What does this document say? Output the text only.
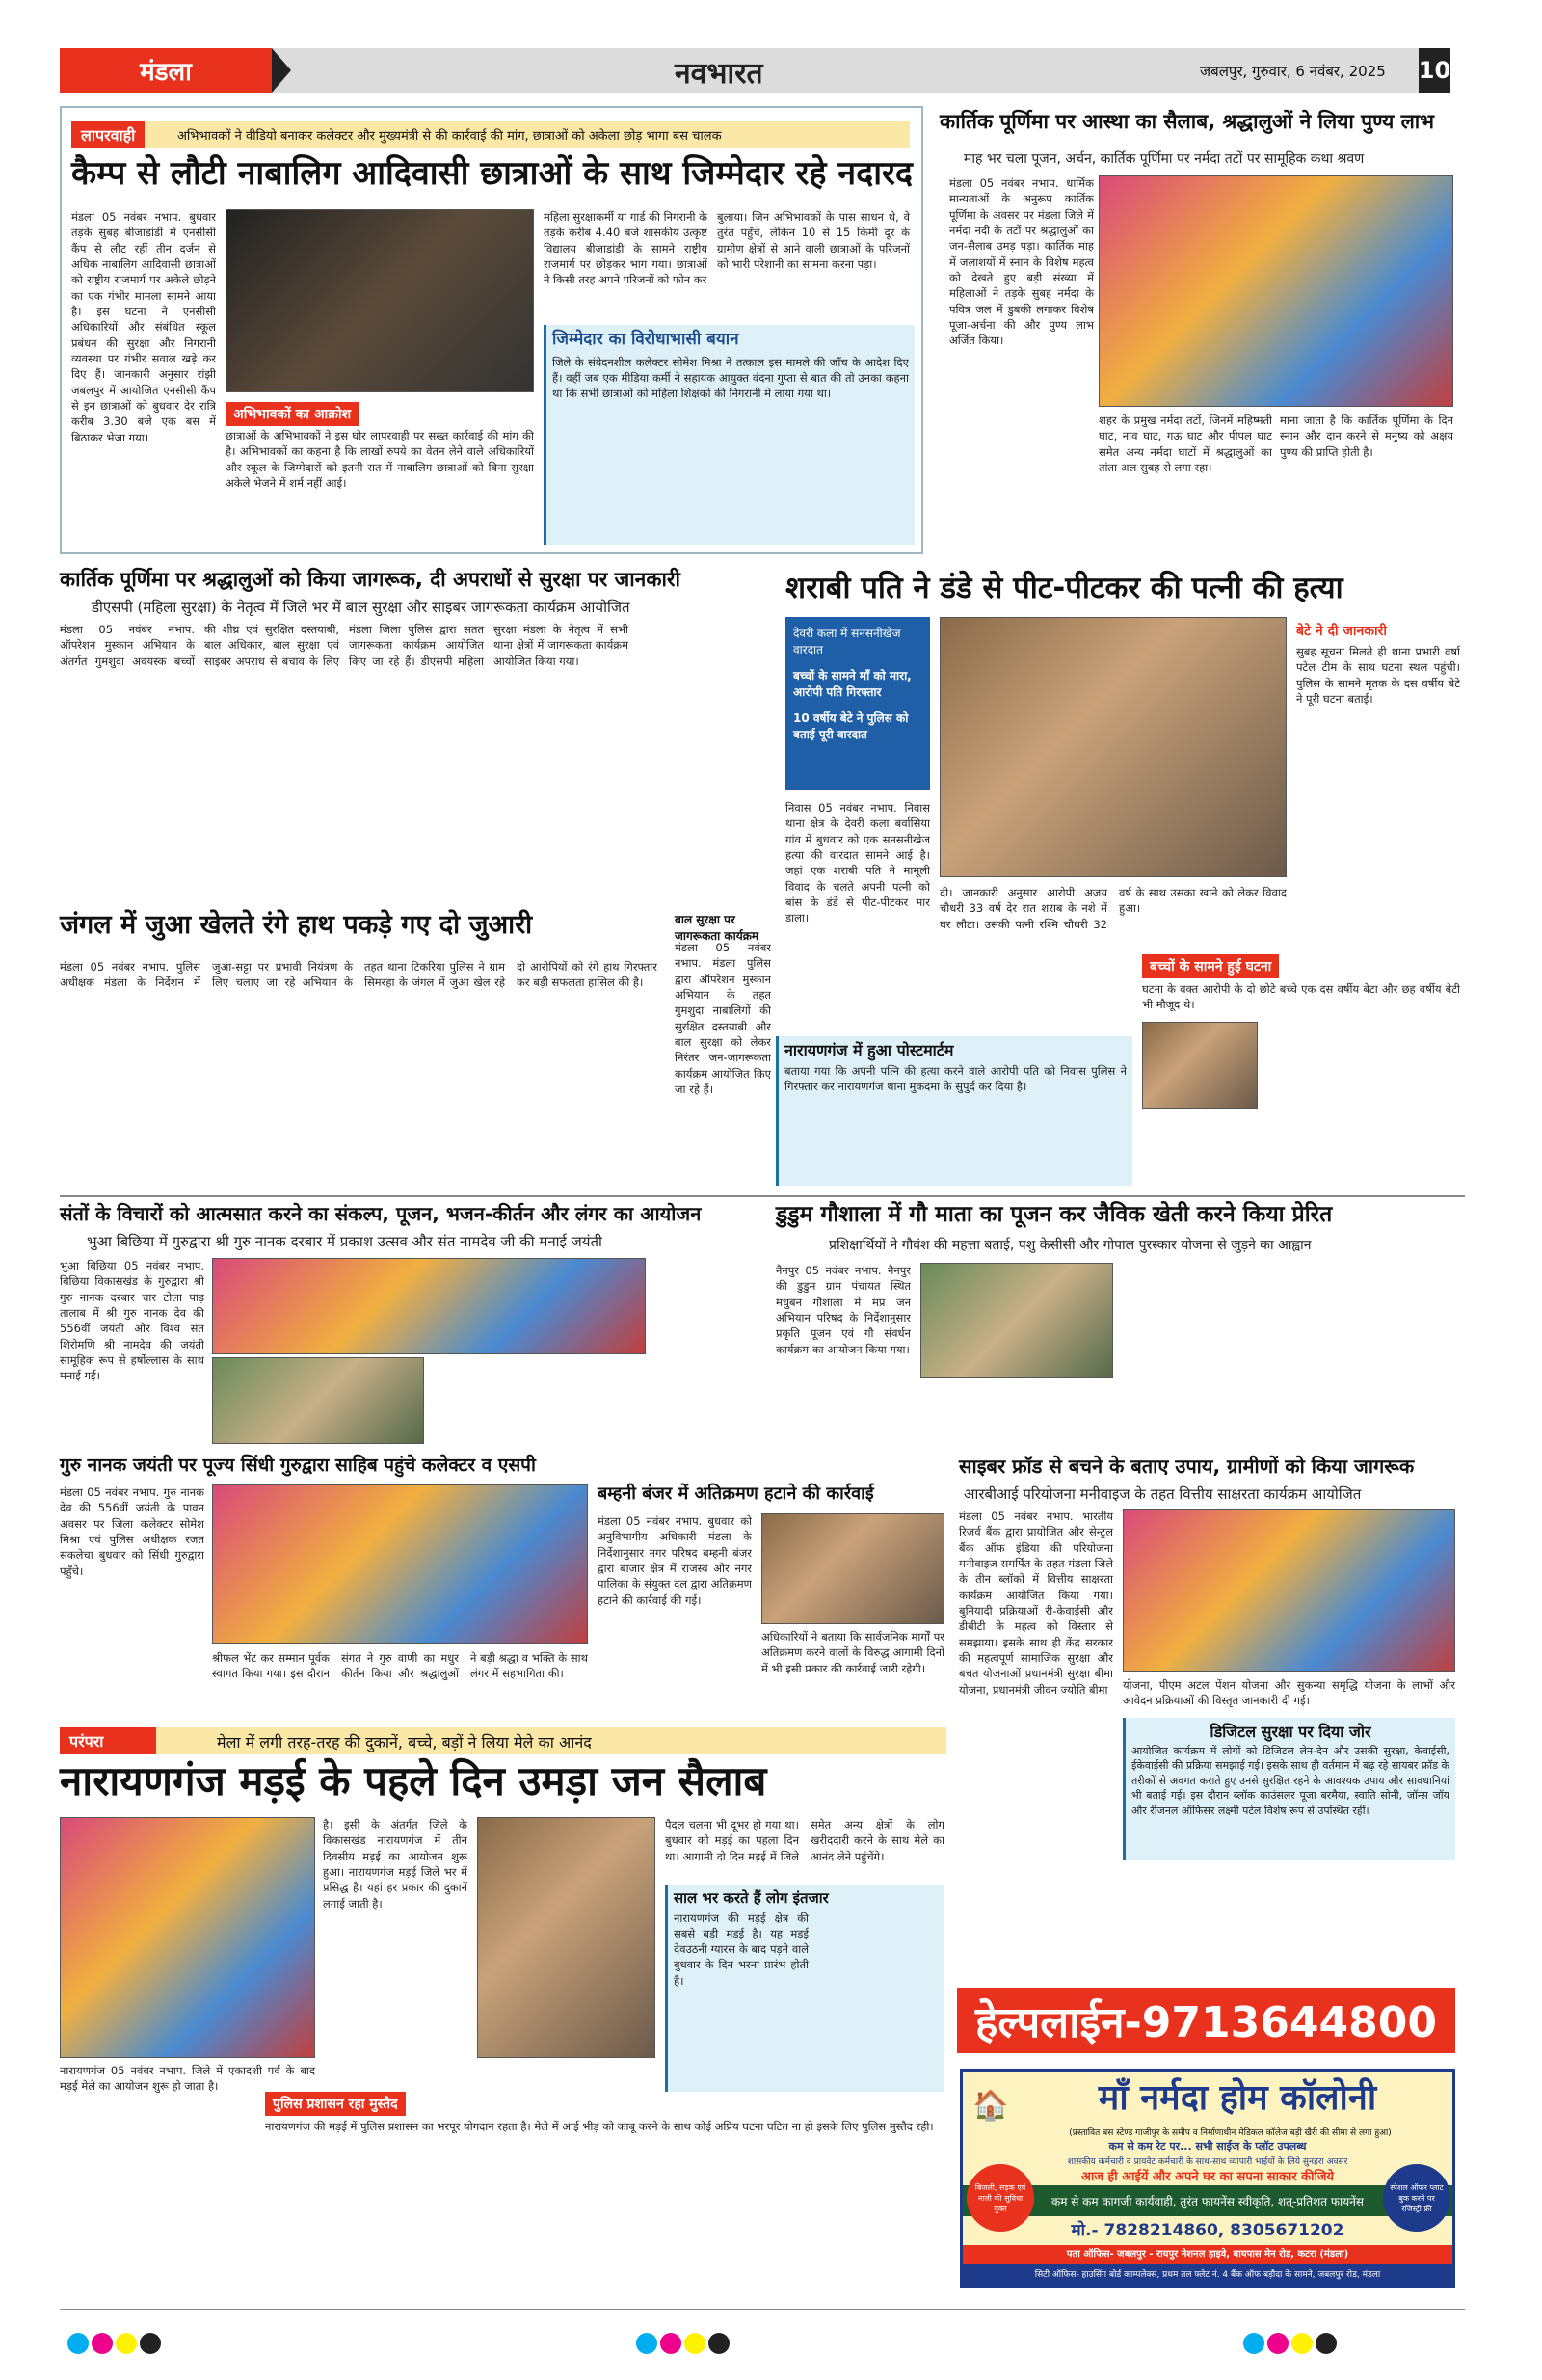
मंडला	नवभारत	जबलपुर, गुरुवार, 6 नवंबर, 2025 10
लापरवाही	अभिभावकों ने वीडियो बनाकर कलेक्टर और मुख्यमंत्री से की कार्रवाई की मांग, छात्राओं को अकेला छोड़ भागा बस चालक
कैम्प से लौटी नाबालिग आदिवासी छात्राओं के साथ जिम्मेदार रहे नदारद
मंडला 05 नवंबर नभाप. बुधवार तड़के सुबह बीजाडांडी में एनसीसी कैंप से लौट रहीं तीन दर्जन से अधिक नाबालिग आदिवासी छात्राओं को राष्ट्रीय राजमार्ग पर अकेले छोड़ने का एक गंभीर मामला सामने आया है। इस घटना ने एनसीसी अधिकारियों और संबंधित स्कूल प्रबंधन की सुरक्षा और निगरानी व्यवस्था पर गंभीर सवाल खड़े कर दिए हैं। जानकारी अनुसार रांझी जबलपुर में आयोजित एनसीसी कैंप से इन छात्राओं को बुधवार देर रात्रि करीब 3.30 बजे एक बस में बिठाकर भेजा गया।
महिला सुरक्षाकर्मी या गार्ड की निगरानी के तड़के करीब 4.40 बजे शासकीय उत्कृष्ट विद्यालय बीजाडांडी के सामने राष्ट्रीय राजमार्ग पर छोड़कर भाग गया। छात्राओं ने किसी तरह अपने परिजनों को फोन कर
बुलाया। जिन अभिभावकों के पास साधन थे, वे तुरंत पहुँचे, लेकिन 10 से 15 किमी दूर के ग्रामीण क्षेत्रों से आने वाली छात्राओं के परिजनों को भारी परेशानी का सामना करना पड़ा।
अभिभावकों का आक्रोश
छात्राओं के अभिभावकों ने इस घोर लापरवाही पर सख्त कार्रवाई की मांग की है। अभिभावकों का कहना है कि लाखों रुपये का वेतन लेने वाले अधिकारियों और स्कूल के जिम्मेदारों को इतनी रात में नाबालिग छात्राओं को बिना सुरक्षा अकेले भेजने में शर्म नहीं आई।
जिम्मेदार का विरोधाभासी बयान
जिले के संवेदनशील कलेक्टर सोमेश मिश्रा ने तत्काल इस मामले की जाँच के आदेश दिए हैं। वहीं जब एक मीडिया कर्मी ने सहायक आयुक्त वंदना गुप्ता से बात की तो उनका कहना था कि सभी छात्राओं को महिला शिक्षकों की निगरानी में लाया गया था।
कार्तिक पूर्णिमा पर आस्था का सैलाब, श्रद्धालुओं ने लिया पुण्य लाभ
माह भर चला पूजन, अर्चन, कार्तिक पूर्णिमा पर नर्मदा तटों पर सामूहिक कथा श्रवण
मंडला 05 नवंबर नभाप. धार्मिक मान्यताओं के अनुरूप कार्तिक पूर्णिमा के अवसर पर मंडला जिले में नर्मदा नदी के तटों पर श्रद्धालुओं का जन-सैलाब उमड़ पड़ा। कार्तिक माह में जलाशयों में स्नान के विशेष महत्व को देखते हुए बड़ी संख्या में महिलाओं ने तड़के सुबह नर्मदा के पवित्र जल में डुबकी लगाकर विशेष पूजा-अर्चना की और पुण्य लाभ अर्जित किया।
शहर के प्रमुख नर्मदा तटों, जिनमें महिष्मती घाट, नाव घाट, गऊ घाट और पीपल घाट समेत अन्य नर्मदा घाटों में श्रद्धालुओं का तांता अल सुबह से लगा रहा।
माना जाता है कि कार्तिक पूर्णिमा के दिन स्नान और दान करने से मनुष्य को अक्षय पुण्य की प्राप्ति होती है।
कार्तिक पूर्णिमा पर श्रद्धालुओं को किया जागरूक, दी अपराधों से सुरक्षा पर जानकारी
डीएसपी (महिला सुरक्षा) के नेतृत्व में जिले भर में बाल सुरक्षा और साइबर जागरूकता कार्यक्रम आयोजित
मंडला 05 नवंबर नभाप. ऑपरेशन मुस्कान अभियान के अंतर्गत गुमशुदा अवयस्क बच्चों की शीघ्र एवं सुरक्षित दस्तयाबी, बाल अधिकार, बाल सुरक्षा एवं साइबर अपराध से बचाव के लिए मंडला जिला पुलिस द्वारा सतत जागरूकता कार्यक्रम आयोजित किए जा रहे हैं। डीएसपी महिला सुरक्षा मंडला के नेतृत्व में सभी थाना क्षेत्रों में जागरूकता कार्यक्रम आयोजित किया गया।
शराबी पति ने डंडे से पीट-पीटकर की पत्नी की हत्या
देवरी कला में सनसनीखेज वारदात
बच्चों के सामने माँ को मारा, आरोपी पति गिरफ्तार
10 वर्षीय बेटे ने पुलिस को बताई पूरी वारदात
निवास 05 नवंबर नभाप. निवास थाना क्षेत्र के देवरी कला बर्वासिया गांव में बुधवार को एक सनसनीखेज हत्या की वारदात सामने आई है। जहां एक शराबी पति ने मामूली विवाद के चलते अपनी पत्नी को बांस के डंडे से पीट-पीटकर मार डाला।
बेटे ने दी जानकारी
सुबह सूचना मिलते ही थाना प्रभारी वर्षा पटेल टीम के साथ घटना स्थल पहुंची। पुलिस के सामने मृतक के दस वर्षीय बेटे ने पूरी घटना बताई।
दी। जानकारी अनुसार आरोपी अजय चौधरी 33 वर्ष देर रात शराब के नशे में घर लौटा। उसकी पत्नी रश्मि चौधरी 32 वर्ष के साथ उसका खाने को लेकर विवाद हुआ।
बच्चों के सामने हुई घटना
घटना के वक्त आरोपी के दो छोटे बच्चे एक दस वर्षीय बेटा और छह वर्षीय बेटी भी मौजूद थे।
नारायणगंज में हुआ पोस्टमार्टम
बताया गया कि अपनी पत्नि की हत्या करने वाले आरोपी पति को निवास पुलिस ने गिरफ्तार कर नारायणगंज थाना मुकदमा के सुपुर्द कर दिया है।
जंगल में जुआ खेलते रंगे हाथ पकड़े गए दो जुआरी
मंडला 05 नवंबर नभाप. पुलिस अधीक्षक मंडला के निर्देशन में जुआ-सट्टा पर प्रभावी नियंत्रण के लिए चलाए जा रहे अभियान के तहत थाना टिकरिया पुलिस ने ग्राम सिमरहा के जंगल में जुआ खेल रहे दो आरोपियों को रंगे हाथ गिरफ्तार कर बड़ी सफलता हासिल की है।
बाल सुरक्षा पर जागरूकता कार्यक्रम
मंडला 05 नवंबर नभाप. मंडला पुलिस द्वारा ऑपरेशन मुस्कान अभियान के तहत गुमशुदा नाबालिगों की सुरक्षित दस्तयाबी और बाल सुरक्षा को लेकर निरंतर जन-जागरूकता कार्यक्रम आयोजित किए जा रहे हैं।
संतों के विचारों को आत्मसात करने का संकल्प, पूजन, भजन-कीर्तन और लंगर का आयोजन
भुआ बिछिया में गुरुद्वारा श्री गुरु नानक दरबार में प्रकाश उत्सव और संत नामदेव जी की मनाई जयंती
भुआ बिछिया 05 नवंबर नभाप. बिछिया विकासखंड के गुरुद्वारा श्री गुरु नानक दरबार चार टोला पाड़ तालाब में श्री गुरु नानक देव की 556वीं जयंती और विश्व संत शिरोमणि श्री नामदेव की जयंती सामूहिक रूप से हर्षोल्लास के साथ मनाई गई।
डुडुम गौशाला में गौ माता का पूजन कर जैविक खेती करने किया प्रेरित
प्रशिक्षार्थियों ने गौवंश की महत्ता बताई, पशु केसीसी और गोपाल पुरस्कार योजना से जुड़ने का आह्वान
नैनपुर 05 नवंबर नभाप. नैनपुर की डुडुम ग्राम पंचायत स्थित मधुबन गौशाला में मप्र जन अभियान परिषद के निर्देशानुसार प्रकृति पूजन एवं गौ संवर्धन कार्यक्रम का आयोजन किया गया।
गुरु नानक जयंती पर पूज्य सिंधी गुरुद्वारा साहिब पहुंचे कलेक्टर व एसपी
मंडला 05 नवंबर नभाप. गुरु नानक देव की 556वीं जयंती के पावन अवसर पर जिला कलेक्टर सोमेश मिश्रा एवं पुलिस अधीक्षक रजत सकलेचा बुधवार को सिंधी गुरुद्वारा पहुँचे।
श्रीफल भेंट कर सम्मान पूर्वक स्वागत किया गया। इस दौरान संगत ने गुरु वाणी का मधुर कीर्तन किया और श्रद्धालुओं ने बड़ी श्रद्धा व भक्ति के साथ लंगर में सहभागिता की।
बम्हनी बंजर में अतिक्रमण हटाने की कार्रवाई
मंडला 05 नवंबर नभाप. बुधवार को अनुविभागीय अधिकारी मंडला के निर्देशानुसार नगर परिषद बम्हनी बंजर द्वारा बाजार क्षेत्र में राजस्व और नगर पालिका के संयुक्त दल द्वारा अतिक्रमण हटाने की कार्रवाई की गई।
अधिकारियों ने बताया कि सार्वजनिक मार्गों पर अतिक्रमण करने वालों के विरुद्ध आगामी दिनों में भी इसी प्रकार की कार्रवाई जारी रहेगी।
साइबर फ्रॉड से बचने के बताए उपाय, ग्रामीणों को किया जागरूक
आरबीआई परियोजना मनीवाइज के तहत वित्तीय साक्षरता कार्यक्रम आयोजित
मंडला 05 नवंबर नभाप. भारतीय रिजर्व बैंक द्वारा प्रायोजित और सेन्ट्रल बैंक ऑफ इंडिया की परियोजना मनीवाइज समर्पित के तहत मंडला जिले के तीन ब्लॉकों में वित्तीय साक्षरता कार्यक्रम आयोजित किया गया। बुनियादी प्रक्रियाओं री-केवाईसी और डीबीटी के महत्व को विस्तार से समझाया। इसके साथ ही केंद्र सरकार की महत्वपूर्ण सामाजिक सुरक्षा और बचत योजनाओं प्रधानमंत्री सुरक्षा बीमा योजना, प्रधानमंत्री जीवन ज्योति बीमा	योजना, पीएम अटल पेंशन योजना और सुकन्या समृद्धि योजना के लाभों और आवेदन प्रक्रियाओं की विस्तृत जानकारी दी गई।
डिजिटल सुरक्षा पर दिया जोर
आयोजित कार्यक्रम में लोगों को डिजिटल लेन-देन और उसकी सुरक्षा, केवाईसी, ईकेवाईसी की प्रक्रिया समझाई गई। इसके साथ ही वर्तमान में बढ़ रहे सायबर फ्रॉड के तरीकों से अवगत कराते हुए उनसे सुरक्षित रहने के आवश्यक उपाय और सावधानियां भी बताई गई। इस दौरान ब्लॉक काउंसलर पूजा बरमैया, स्वाति सोनी, जॉन्स जॉय और रीजनल ऑफिसर लक्ष्मी पटेल विशेष रूप से उपस्थित रहीं।
परंपरा	मेला में लगी तरह-तरह की दुकानें, बच्चे, बड़ों ने लिया मेले का आनंद
नारायणगंज मड़ई के पहले दिन उमड़ा जन सैलाब
नारायणगंज 05 नवंबर नभाप. जिले में एकादशी पर्व के बाद मड़ई मेले का आयोजन शुरू हो जाता है।
है। इसी के अंतर्गत जिले के विकासखंड नारायणगंज में तीन दिवसीय मड़ई का आयोजन शुरू हुआ। नारायणगंज मड़ई जिले भर में प्रसिद्ध है। यहां हर प्रकार की दुकानें लगाई जाती है।
पैदल चलना भी दूभर हो गया था। बुधवार को मड़ई का पहला दिन था। आगामी दो दिन मड़ई में जिले समेत अन्य क्षेत्रों के लोग खरीददारी करने के साथ मेले का आनंद लेने पहुंचेंगे।
साल भर करते हैं लोग इंतजार
नारायणगंज की मड़ई क्षेत्र की सबसे बड़ी मड़ई है। यह मड़ई देवउठनी ग्यारस के बाद पड़ने वाले बुधवार के दिन भरना प्रारंभ होती है।
पुलिस प्रशासन रहा मुस्तैद
नारायणगंज की मड़ई में पुलिस प्रशासन का भरपूर योगदान रहता है। मेले में आई भीड़ को काबू करने के साथ कोई अप्रिय घटना घटित ना हो इसके लिए पुलिस मुस्तैद रही।
हेल्पलाईन-9713644800
🏠	माँ नर्मदा होम कॉलोनी
(प्रस्तावित बस स्टेण्ड गाजीपुर के समीप व निर्माणाधीन मेडिकल कॉलेज बड़ी खैरी की सीमा से लगा हुआ)
कम से कम रेट पर... सभी साईज के प्लॉट उपलब्ध
शासकीय कर्मचारी व प्रायवेट कर्मचारी के साथ-साथ व्यापारी भाईयों के लिये सुनहरा अवसर
आज ही आईयें और अपने घर का सपना साकार कीजिये
कम से कम कागजी कार्यवाही, तुरंत फायनेंस स्वीकृति, शत्-प्रतिशत फायनेंस
बिजली, सड़क एवं नाली की सुविधा युक्त
स्पेशल ऑफर प्लाट बुक करने पर रजिस्ट्री फ्री
मो.- 7828214860, 8305671202
पता ऑफिस- जबलपुर - रायपुर नेशनल हाइवे, बायपास मेन रोड, कटरा (मंडला)
सिटी ऑफिस- हाउसिंग बोर्ड काम्पलेक्स, प्रथम तल फ्लेट नं. 4 बैंक ऑफ बड़ौदा के सामने, जबलपुर रोड, मंडला
